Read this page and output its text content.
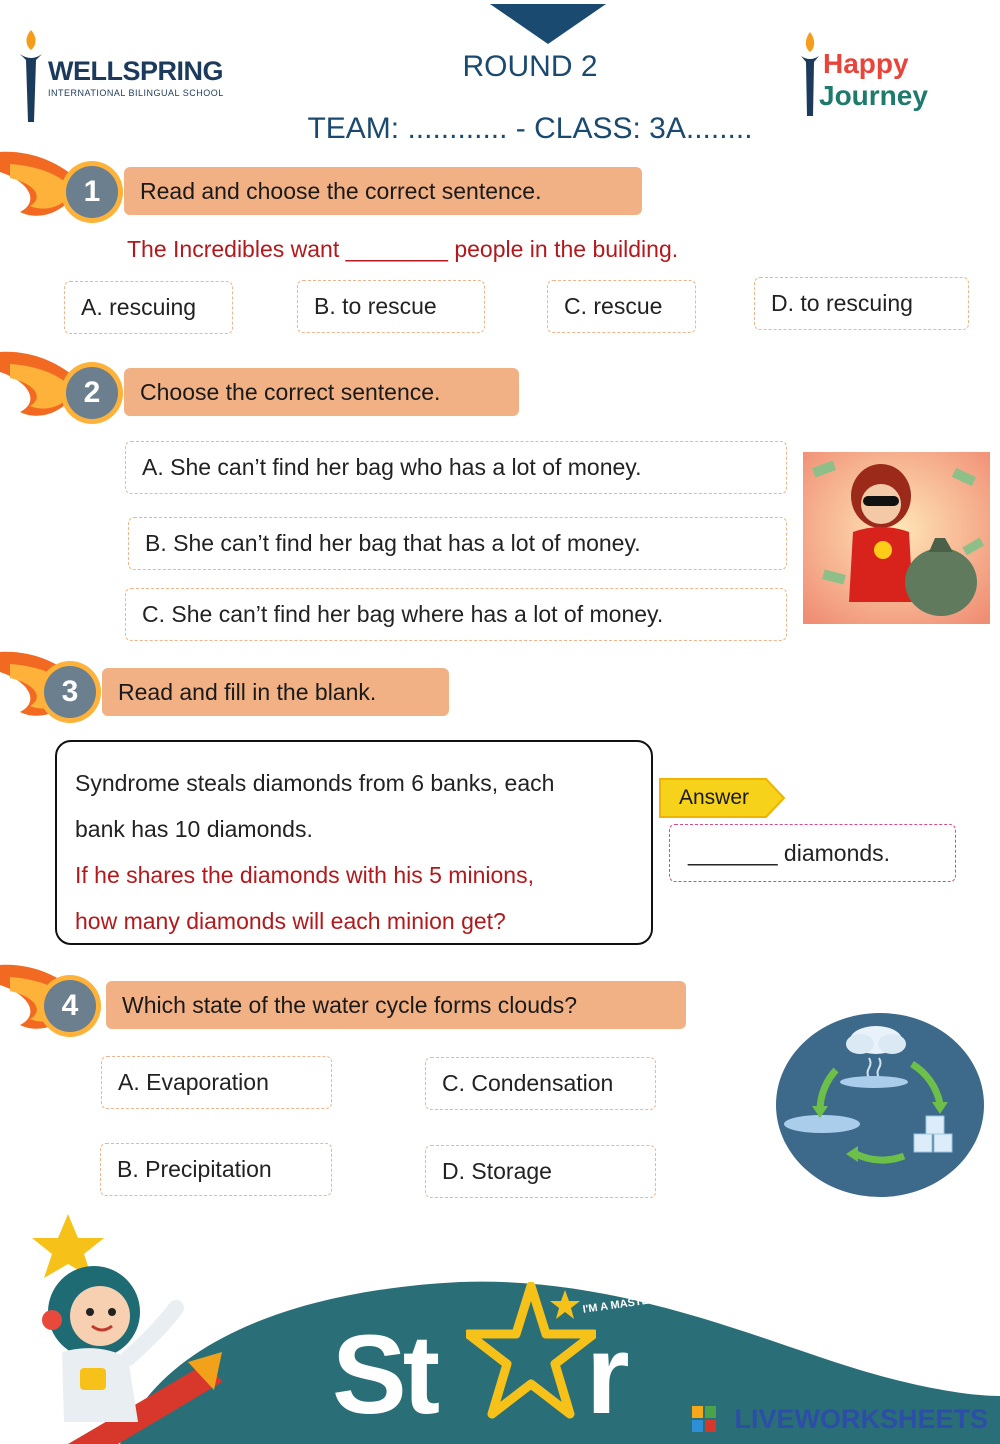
WELLSPRING
INTERNATIONAL BILINGUAL SCHOOL
ROUND 2
TEAM: ............ - CLASS: 3A........
Happy
Journey
1	Read and choose the correct sentence.
The Incredibles want ________ people in the building.
A. rescuing	B. to rescue	C. rescue	D. to rescuing
2	Choose the correct sentence.
A. She can’t find her bag who has a lot of money.
B. She can’t find her bag that has a lot of money.
C. She can’t find her bag where has a lot of money.
3	Read and fill in the blank.
Syndrome steals diamonds from 6 banks, each
bank has 10 diamonds.
If he shares the diamonds with his 5 minions,
how many diamonds will each minion get?
Answer
_______ diamonds.
4	Which state of the water cycle forms clouds?
A. Evaporation	C. Condensation
B. Precipitation	D. Storage
St r
I'M A MASTER WISer
LIVEWORKSHEETS
